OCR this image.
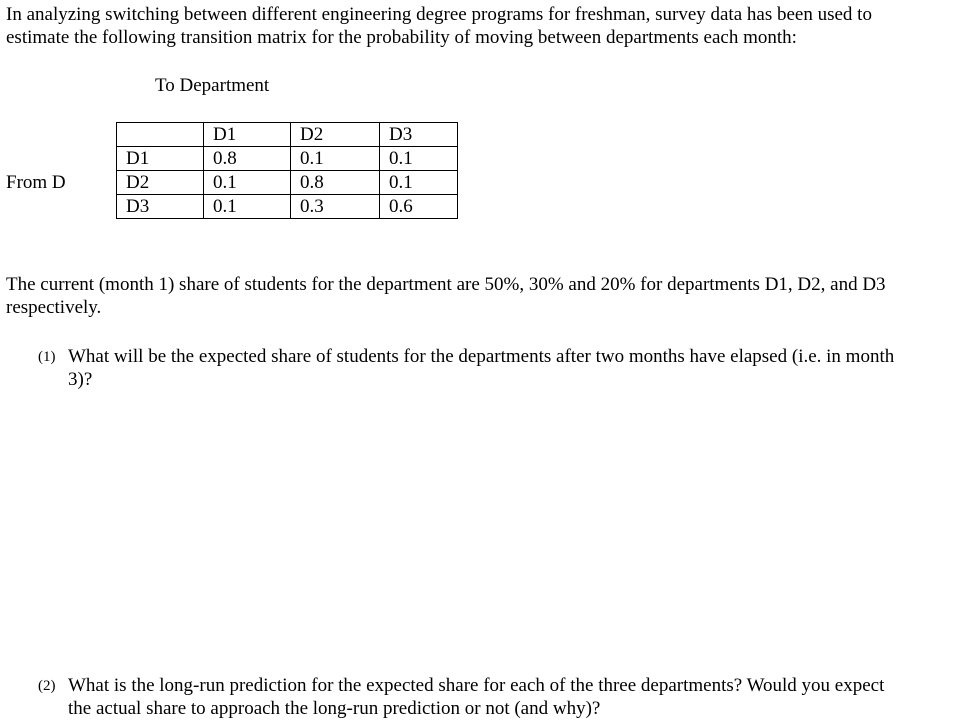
In analyzing switching between different engineering degree programs for freshman, survey data has been used to
estimate the following transition matrix for the probability of moving between departments each month:
To Department
From D
	D1	D2	D3
D1	0.8	0.1	0.1
D2	0.1	0.8	0.1
D3	0.1	0.3	0.6
The current (month 1) share of students for the department are 50%, 30% and 20% for departments D1, D2, and D3
respectively.
(1) What will be the expected share of students for the departments after two months have elapsed (i.e. in month
3)?
(2) What is the long-run prediction for the expected share for each of the three departments? Would you expect
the actual share to approach the long-run prediction or not (and why)?
